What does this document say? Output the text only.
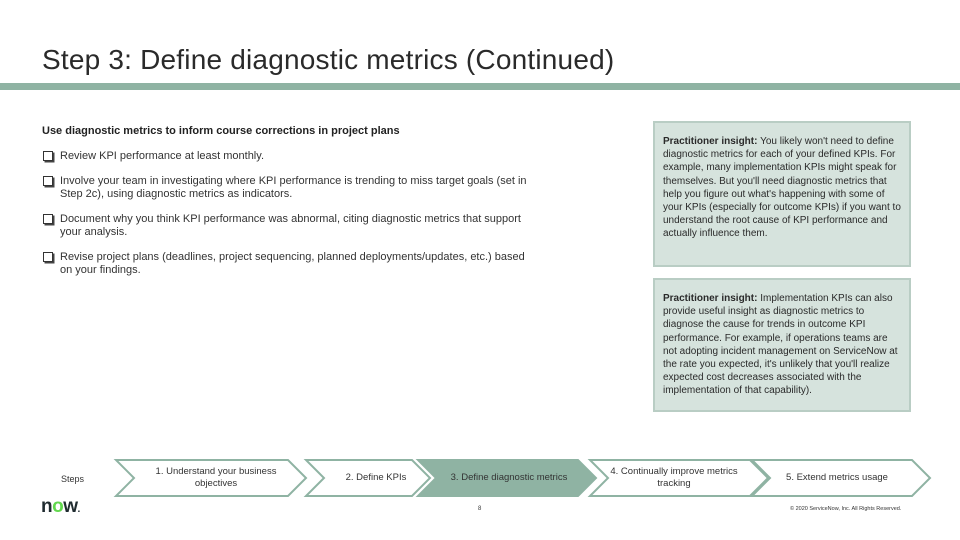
Step 3: Define diagnostic metrics (Continued)
Use diagnostic metrics to inform course corrections in project plans
Review KPI performance at least monthly.
Involve your team in investigating where KPI performance is trending to miss target goals (set in Step 2c), using diagnostic metrics as indicators.
Document why you think KPI performance was abnormal, citing diagnostic metrics that support your analysis.
Revise project plans (deadlines, project sequencing, planned deployments/updates, etc.) based on your findings.
Practitioner insight: You likely won't need to define diagnostic metrics for each of your defined KPIs. For example, many implementation KPIs might speak for themselves. But you'll need diagnostic metrics that help you figure out what's happening with some of your KPIs (especially for outcome KPIs) if you want to understand the root cause of KPI performance and actually influence them.
Practitioner insight: Implementation KPIs can also provide useful insight as diagnostic metrics to diagnose the cause for trends in outcome KPI performance. For example, if operations teams are not adopting incident management on ServiceNow at the rate you expected, it's unlikely that you'll realize expected cost decreases associated with the implementation of that capability).
Steps
1. Understand your business objectives
2. Define KPIs	3. Define diagnostic metrics
4. Continually improve metrics tracking
5. Extend metrics usage
now.	8	© 2020 ServiceNow, Inc. All Rights Reserved.
